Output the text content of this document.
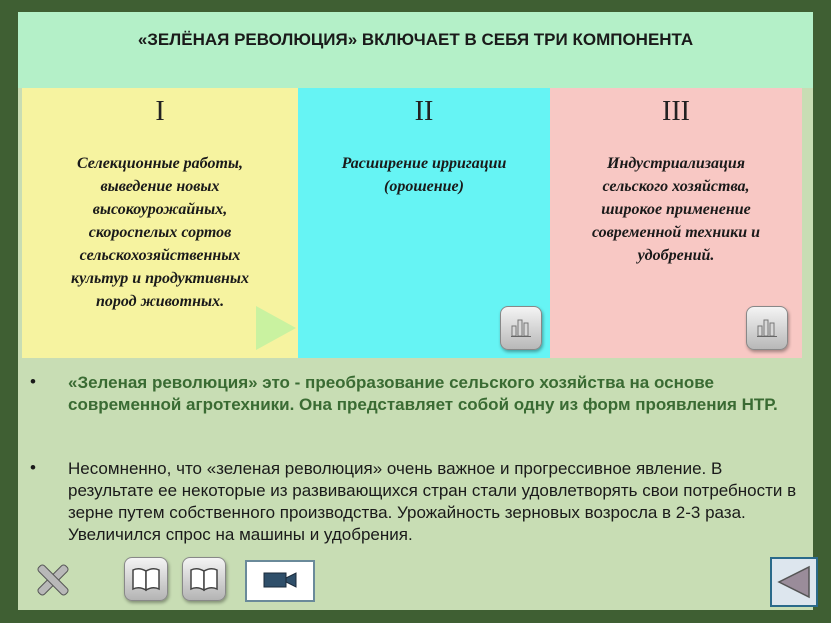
«ЗЕЛЁНАЯ РЕВОЛЮЦИЯ» ВКЛЮЧАЕТ В СЕБЯ ТРИ КОМПОНЕНТА
I
Селекционные работы,
выведение новых
высокоурожайных,
скороспелых сортов
сельскохозяйственных
культур и продуктивных
пород животных.
II
Расширение ирригации
(орошение)
III
Индустриализация
сельского хозяйства,
широкое применение
современной техники и
удобрений.
• «Зеленая революция» это - преобразование сельского хозяйства на основе современной агротехники. Она представляет собой одну из форм проявления НТР.
• Несомненно, что «зеленая революция» очень важное и прогрессивное явление. В результате ее некоторые из развивающихся стран стали удовлетворять свои потребности в зерне путем собственного производства. Урожайность зерновых возросла в 2-3 раза. Увеличился спрос на машины и удобрения.
